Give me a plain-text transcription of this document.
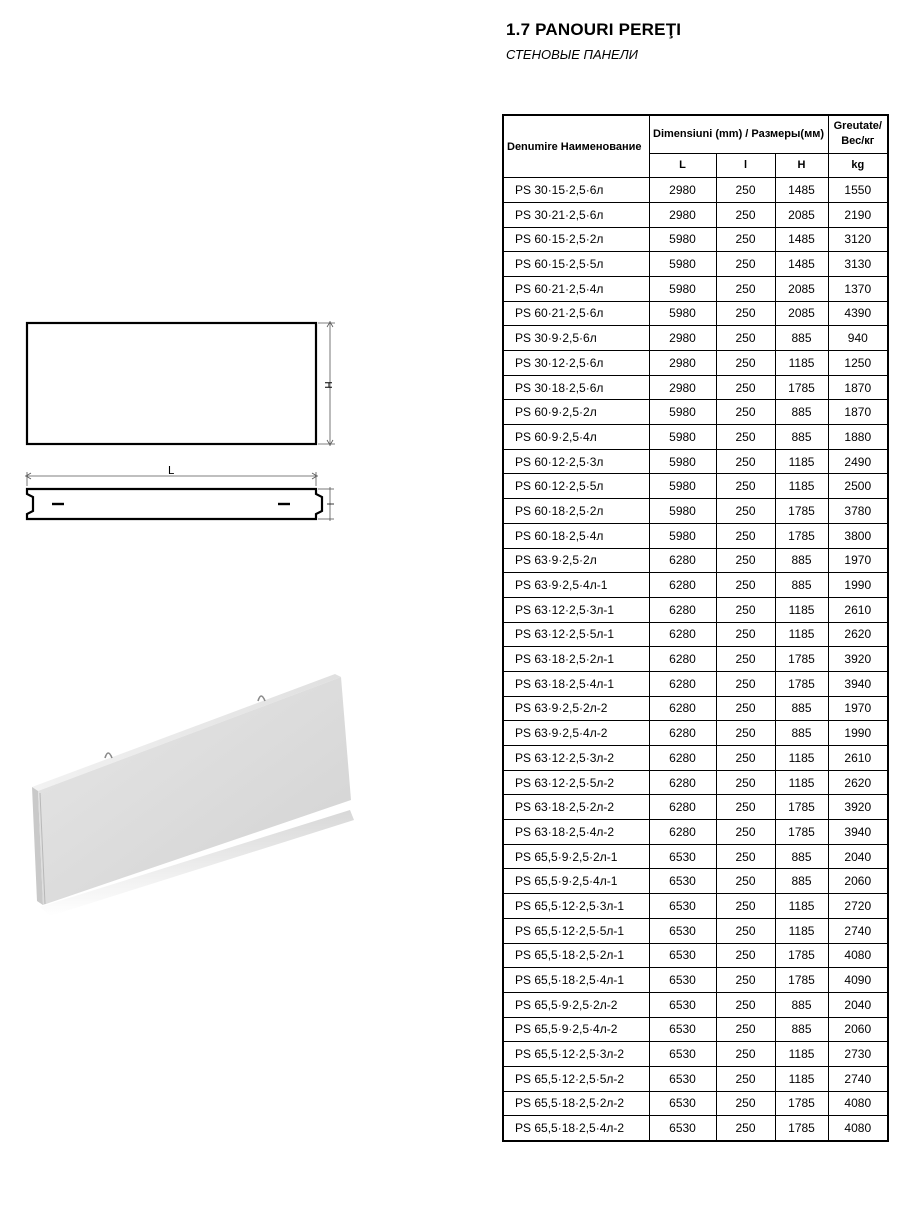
1.7 PANOURI PEREŢI
СТЕНОВЫЕ ПАНЕЛИ
H
L
l
Denumire Наименование	Dimensiuni (mm) / Размеры(мм)			Greutate/ Вес/кг
	L	l	H	kg
PS 30·15·2,5·6л	2980	250	1485	1550
PS 30·21·2,5·6л	2980	250	2085	2190
PS 60·15·2,5·2л	5980	250	1485	3120
PS 60·15·2,5·5л	5980	250	1485	3130
PS 60·21·2,5·4л	5980	250	2085	1370
PS 60·21·2,5·6л	5980	250	2085	4390
PS 30·9·2,5·6л	2980	250	885	940
PS 30·12·2,5·6л	2980	250	1185	1250
PS 30·18·2,5·6л	2980	250	1785	1870
PS 60·9·2,5·2л	5980	250	885	1870
PS 60·9·2,5·4л	5980	250	885	1880
PS 60·12·2,5·3л	5980	250	1185	2490
PS 60·12·2,5·5л	5980	250	1185	2500
PS 60·18·2,5·2л	5980	250	1785	3780
PS 60·18·2,5·4л	5980	250	1785	3800
PS 63·9·2,5·2л	6280	250	885	1970
PS 63·9·2,5·4л-1	6280	250	885	1990
PS 63·12·2,5·3л-1	6280	250	1185	2610
PS 63·12·2,5·5л-1	6280	250	1185	2620
PS 63·18·2,5·2л-1	6280	250	1785	3920
PS 63·18·2,5·4л-1	6280	250	1785	3940
PS 63·9·2,5·2л-2	6280	250	885	1970
PS 63·9·2,5·4л-2	6280	250	885	1990
PS 63·12·2,5·3л-2	6280	250	1185	2610
PS 63·12·2,5·5л-2	6280	250	1185	2620
PS 63·18·2,5·2л-2	6280	250	1785	3920
PS 63·18·2,5·4л-2	6280	250	1785	3940
PS 65,5·9·2,5·2л-1	6530	250	885	2040
PS 65,5·9·2,5·4л-1	6530	250	885	2060
PS 65,5·12·2,5·3л-1	6530	250	1185	2720
PS 65,5·12·2,5·5л-1	6530	250	1185	2740
PS 65,5·18·2,5·2л-1	6530	250	1785	4080
PS 65,5·18·2,5·4л-1	6530	250	1785	4090
PS 65,5·9·2,5·2л-2	6530	250	885	2040
PS 65,5·9·2,5·4л-2	6530	250	885	2060
PS 65,5·12·2,5·3л-2	6530	250	1185	2730
PS 65,5·12·2,5·5л-2	6530	250	1185	2740
PS 65,5·18·2,5·2л-2	6530	250	1785	4080
PS 65,5·18·2,5·4л-2	6530	250	1785	4080
